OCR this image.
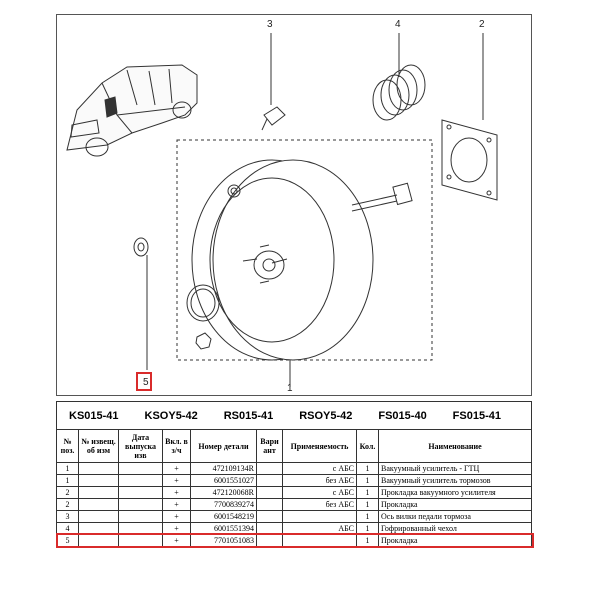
3	4	2
1
5
KS015-41 KSOY5-42 RS015-41 RSOY5-42 FS015-40 FS015-41
№ поз.	№ извещ. об изм	Дата выпуска изв	Вкл. в з/ч	Номер детали	Вари ант	Применяемость	Кол.	Наименование
1			+	472109134R		с АБС	1	Вакуумный усилитель - ГТЦ
1			+	6001551027		без АБС	1	Вакуумный усилитель тормозов
2			+	472120068R		с АБС	1	Прокладка вакуумного усилителя
2			+	7700839274		без АБС	1	Прокладка
3			+	6001548219			1	Ось вилки педали тормоза
4			+	6001551394		АБС	1	Гофрированный чехол
5			+	7701051083			1	Прокладка
